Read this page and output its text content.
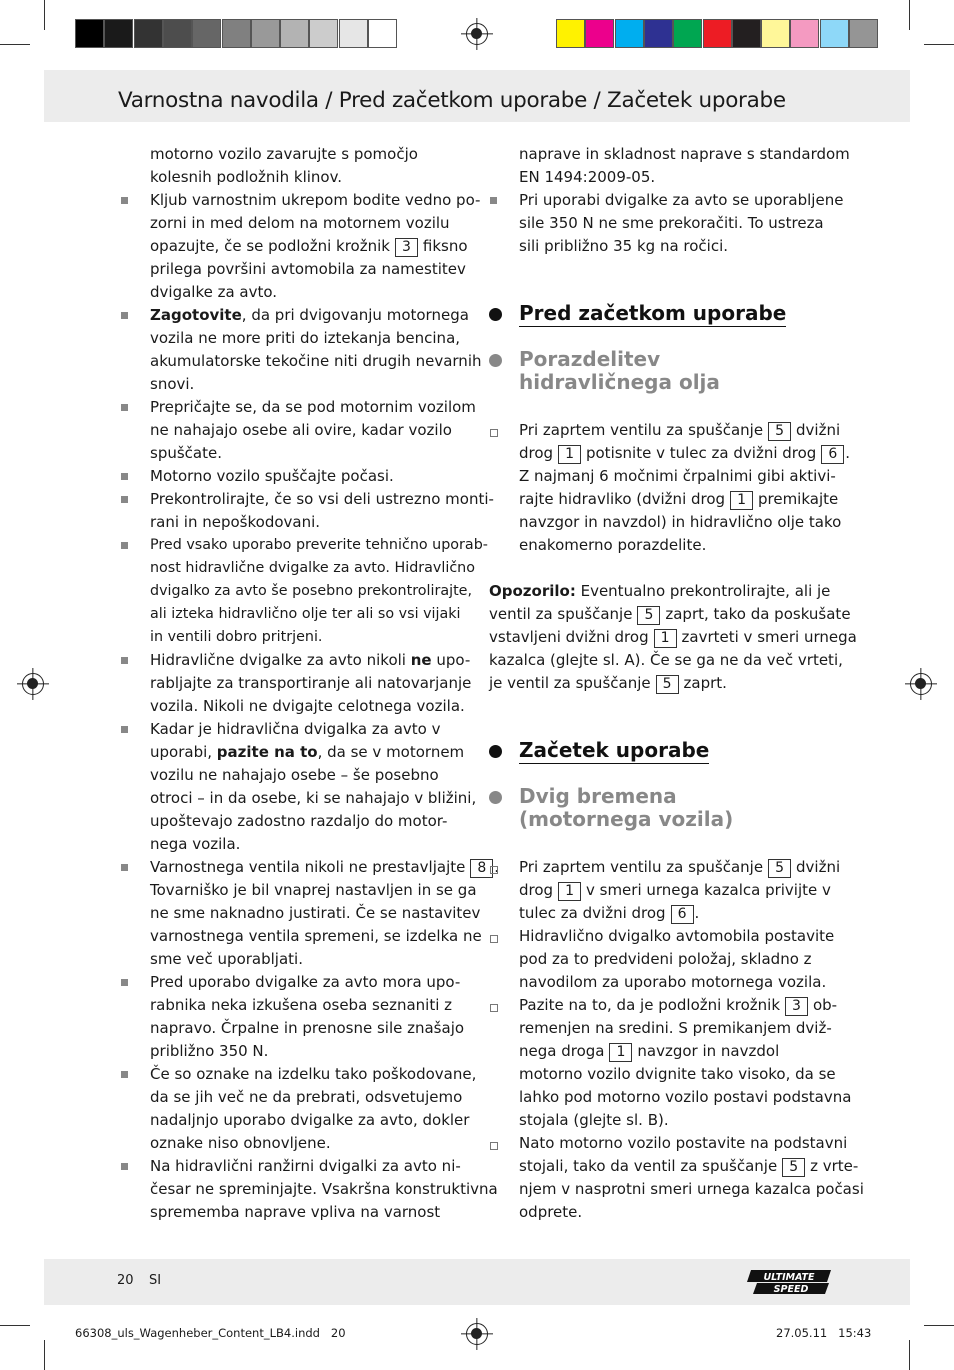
Varnostna navodila / Pred začetkom uporabe / Začetek uporabe
motorno vozilo zavarujte s pomočjo kolesnih podložnih klinov.
Kljub varnostnim ukrepom bodite vedno po-
zorni in med delom na motornem vozilu
opazujte, če se podložni krožnik 3 fiksno
prilega površini avtomobila za namestitev
dvigalke za avto.
Zagotovite, da pri dvigovanju motornega
vozila ne more priti do iztekanja bencina,
akumulatorske tekočine niti drugih nevarnih
snovi.
Prepričajte se, da se pod motornim vozilom
ne nahajajo osebe ali ovire, kadar vozilo
spuščate.
Motorno vozilo spuščajte počasi.
Prekontrolirajte, če so vsi deli ustrezno monti-
rani in nepoškodovani.
Pred vsako uporabo preverite tehnično uporab-
nost hidravlične dvigalke za avto. Hidravlično
dvigalko za avto še posebno prekontrolirajte,
ali izteka hidravlično olje ter ali so vsi vijaki
in ventili dobro pritrjeni.
Hidravlične dvigalke za avto nikoli ne upo-
rabljajte za transportiranje ali natovarjanje
vozila. Nikoli ne dvigajte celotnega vozila.
Kadar je hidravlična dvigalka za avto v
uporabi, pazite na to, da se v motornem
vozilu ne nahajajo osebe – še posebno
otroci – in da osebe, ki se nahajajo v bližini,
upoštevajo zadostno razdaljo do motor-
nega vozila.
Varnostnega ventila nikoli ne prestavljajte 8 .
Tovarniško je bil vnaprej nastavljen in se ga
ne sme naknadno justirati. Če se nastavitev
varnostnega ventila spremeni, se izdelka ne
sme več uporabljati.
Pred uporabo dvigalke za avto mora upo-
rabnika neka izkušena oseba seznaniti z
napravo. Črpalne in prenosne sile znašajo
približno 350 N.
Če so oznake na izdelku tako poškodovane,
da se jih več ne da prebrati, odsvetujemo
nadaljnjo uporabo dvigalke za avto, dokler
oznake niso obnovljene.
Na hidravlični ranžirni dvigalki za avto ni-
česar ne spreminjajte. Vsakršna konstruktivna
sprememba naprave vpliva na varnost
naprave in skladnost naprave s standardom
EN 1494:2009-05.
Pri uporabi dvigalke za avto se uporabljene
sile 350 N ne sme prekoračiti. To ustreza
sili približno 35 kg na ročici.
Pred začetkom uporabe
Porazdelitev
hidravličnega olja
Pri zaprtem ventilu za spuščanje 5 dvižni
drog 1 potisnite v tulec za dvižni drog 6 .
Z najmanj 6 močnimi črpalnimi gibi aktivi-
rajte hidravliko (dvižni drog 1 premikajte
navzgor in navzdol) in hidravlično olje tako
enakomerno porazdelite.
Opozorilo: Eventualno prekontrolirajte, ali je
ventil za spuščanje 5 zaprt, tako da poskušate
vstavljeni dvižni drog 1 zavrteti v smeri urnega
kazalca (glejte sl. A). Če se ga ne da več vrteti,
je ventil za spuščanje 5 zaprt.
Začetek uporabe
Dvig bremena
(motornega vozila)
Pri zaprtem ventilu za spuščanje 5 dvižni
drog 1 v smeri urnega kazalca privijte v
tulec za dvižni drog 6 .
Hidravlično dvigalko avtomobila postavite
pod za to predvideni položaj, skladno z
navodilom za uporabo motornega vozila.
Pazite na to, da je podložni krožnik 3 ob-
remenjen na sredini. S premikanjem dviž-
nega droga 1 navzgor in navzdol
motorno vozilo dvignite tako visoko, da se
lahko pod motorno vozilo postavi podstavna
stojala (glejte sl. B).
Nato motorno vozilo postavite na podstavni
stojali, tako da ventil za spuščanje 5 z vrte-
njem v nasprotni smeri urnega kazalca počasi
odprete.
20 SI	ULTIMATE
SPEED
66308_uls_Wagenheber_Content_LB4.indd   20	27.05.11   15:43
